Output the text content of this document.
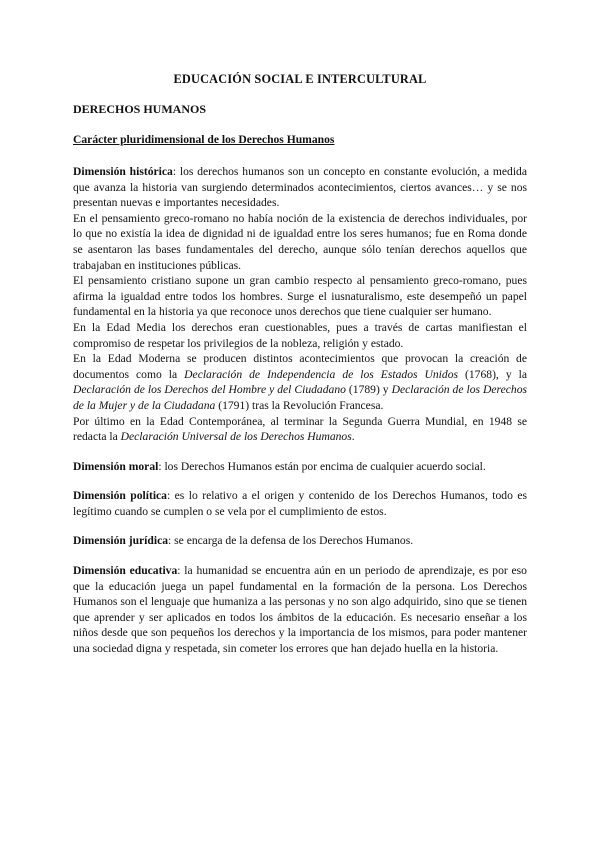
EDUCACIÓN SOCIAL E INTERCULTURAL
DERECHOS HUMANOS
Carácter pluridimensional de los Derechos Humanos

Dimensión histórica: los derechos humanos son un concepto en constante evolución, a medida que avanza la historia van surgiendo determinados acontecimientos, ciertos avances… y se nos presentan nuevas e importantes necesidades.

En el pensamiento greco-romano no había noción de la existencia de derechos individuales, por lo que no existía la idea de dignidad ni de igualdad entre los seres humanos; fue en Roma donde se asentaron las bases fundamentales del derecho, aunque sólo tenían derechos aquellos que trabajaban en instituciones públicas.

El pensamiento cristiano supone un gran cambio respecto al pensamiento greco-romano, pues afirma la igualdad entre todos los hombres. Surge el iusnaturalismo, este desempeñó un papel fundamental en la historia ya que reconoce unos derechos que tiene cualquier ser humano.

En la Edad Media los derechos eran cuestionables, pues a través de cartas manifiestan el compromiso de respetar los privilegios de la nobleza, religión y estado.

En la Edad Moderna se producen distintos acontecimientos que provocan la creación de documentos como la Declaración de Independencia de los Estados Unidos (1768), y la Declaración de los Derechos del Hombre y del Ciudadano (1789) y Declaración de los Derechos de la Mujer y de la Ciudadana (1791) tras la Revolución Francesa.

Por último en la Edad Contemporánea, al terminar la Segunda Guerra Mundial, en 1948 se redacta la Declaración Universal de los Derechos Humanos.

Dimensión moral: los Derechos Humanos están por encima de cualquier acuerdo social.

Dimensión política: es lo relativo a el origen y contenido de los Derechos Humanos, todo es legítimo cuando se cumplen o se vela por el cumplimiento de estos.

Dimensión jurídica: se encarga de la defensa de los Derechos Humanos.

Dimensión educativa: la humanidad se encuentra aún en un periodo de aprendizaje, es por eso que la educación juega un papel fundamental en la formación de la persona. Los Derechos Humanos son el lenguaje que humaniza a las personas y no son algo adquirido, sino que se tienen que aprender y ser aplicados en todos los ámbitos de la educación. Es necesario enseñar a los niños desde que son pequeños los derechos y la importancia de los mismos, para poder mantener una sociedad digna y respetada, sin cometer los errores que han dejado huella en la historia.
